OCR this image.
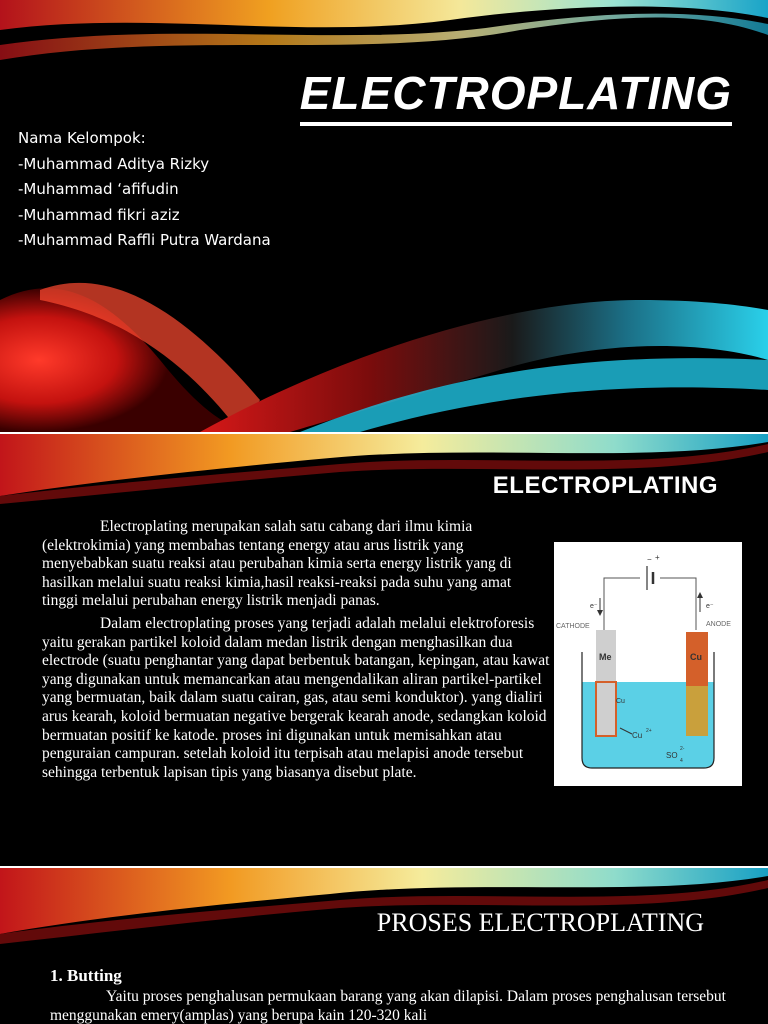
ELECTROPLATING
Nama Kelompok:
-Muhammad Aditya Rizky
-Muhammad ‘afifudin
-Muhammad fikri aziz
-Muhammad Raffli Putra Wardana
ELECTROPLATING

Electroplating merupakan salah satu cabang dari ilmu kimia (elektrokimia) yang membahas tentang energy atau arus listrik yang menyebabkan suatu reaksi atau perubahan kimia serta energy listrik yang di hasilkan melalui suatu reaksi kimia,hasil reaksi-reaksi pada suhu yang amat tinggi melalui perubahan energy listrik menjadi panas.

Dalam electroplating proses yang terjadi adalah melalui elektroforesis yaitu gerakan partikel koloid dalam medan listrik dengan menghasilkan dua electrode (suatu penghantar yang dapat berbentuk batangan, kepingan, atau kawat yang digunakan untuk memancarkan atau mengendalikan aliran partikel-partikel yang bermuatan, baik dalam suatu cairan, gas, atau semi konduktor). yang dialiri arus kearah, koloid bermuatan negative bergerak kearah anode, sedangkan koloid bermuatan positif ke katode. proses ini digunakan untuk memisahkan atau penguraian campuran. setelah koloid itu terpisah atau melapisi anode tersebut sehingga terbentuk lapisan tipis yang biasanya disebut plate.

− +
e⁻	e⁻
CATHODE	ANODE
Me
Cu
Cu
Cu 2+
SO
4
2-
PROSES ELECTROPLATING
1. Butting
Yaitu proses penghalusan permukaan barang yang akan dilapisi. Dalam proses penghalusan tersebut menggunakan emery(amplas) yang berupa kain 120-320 kali
